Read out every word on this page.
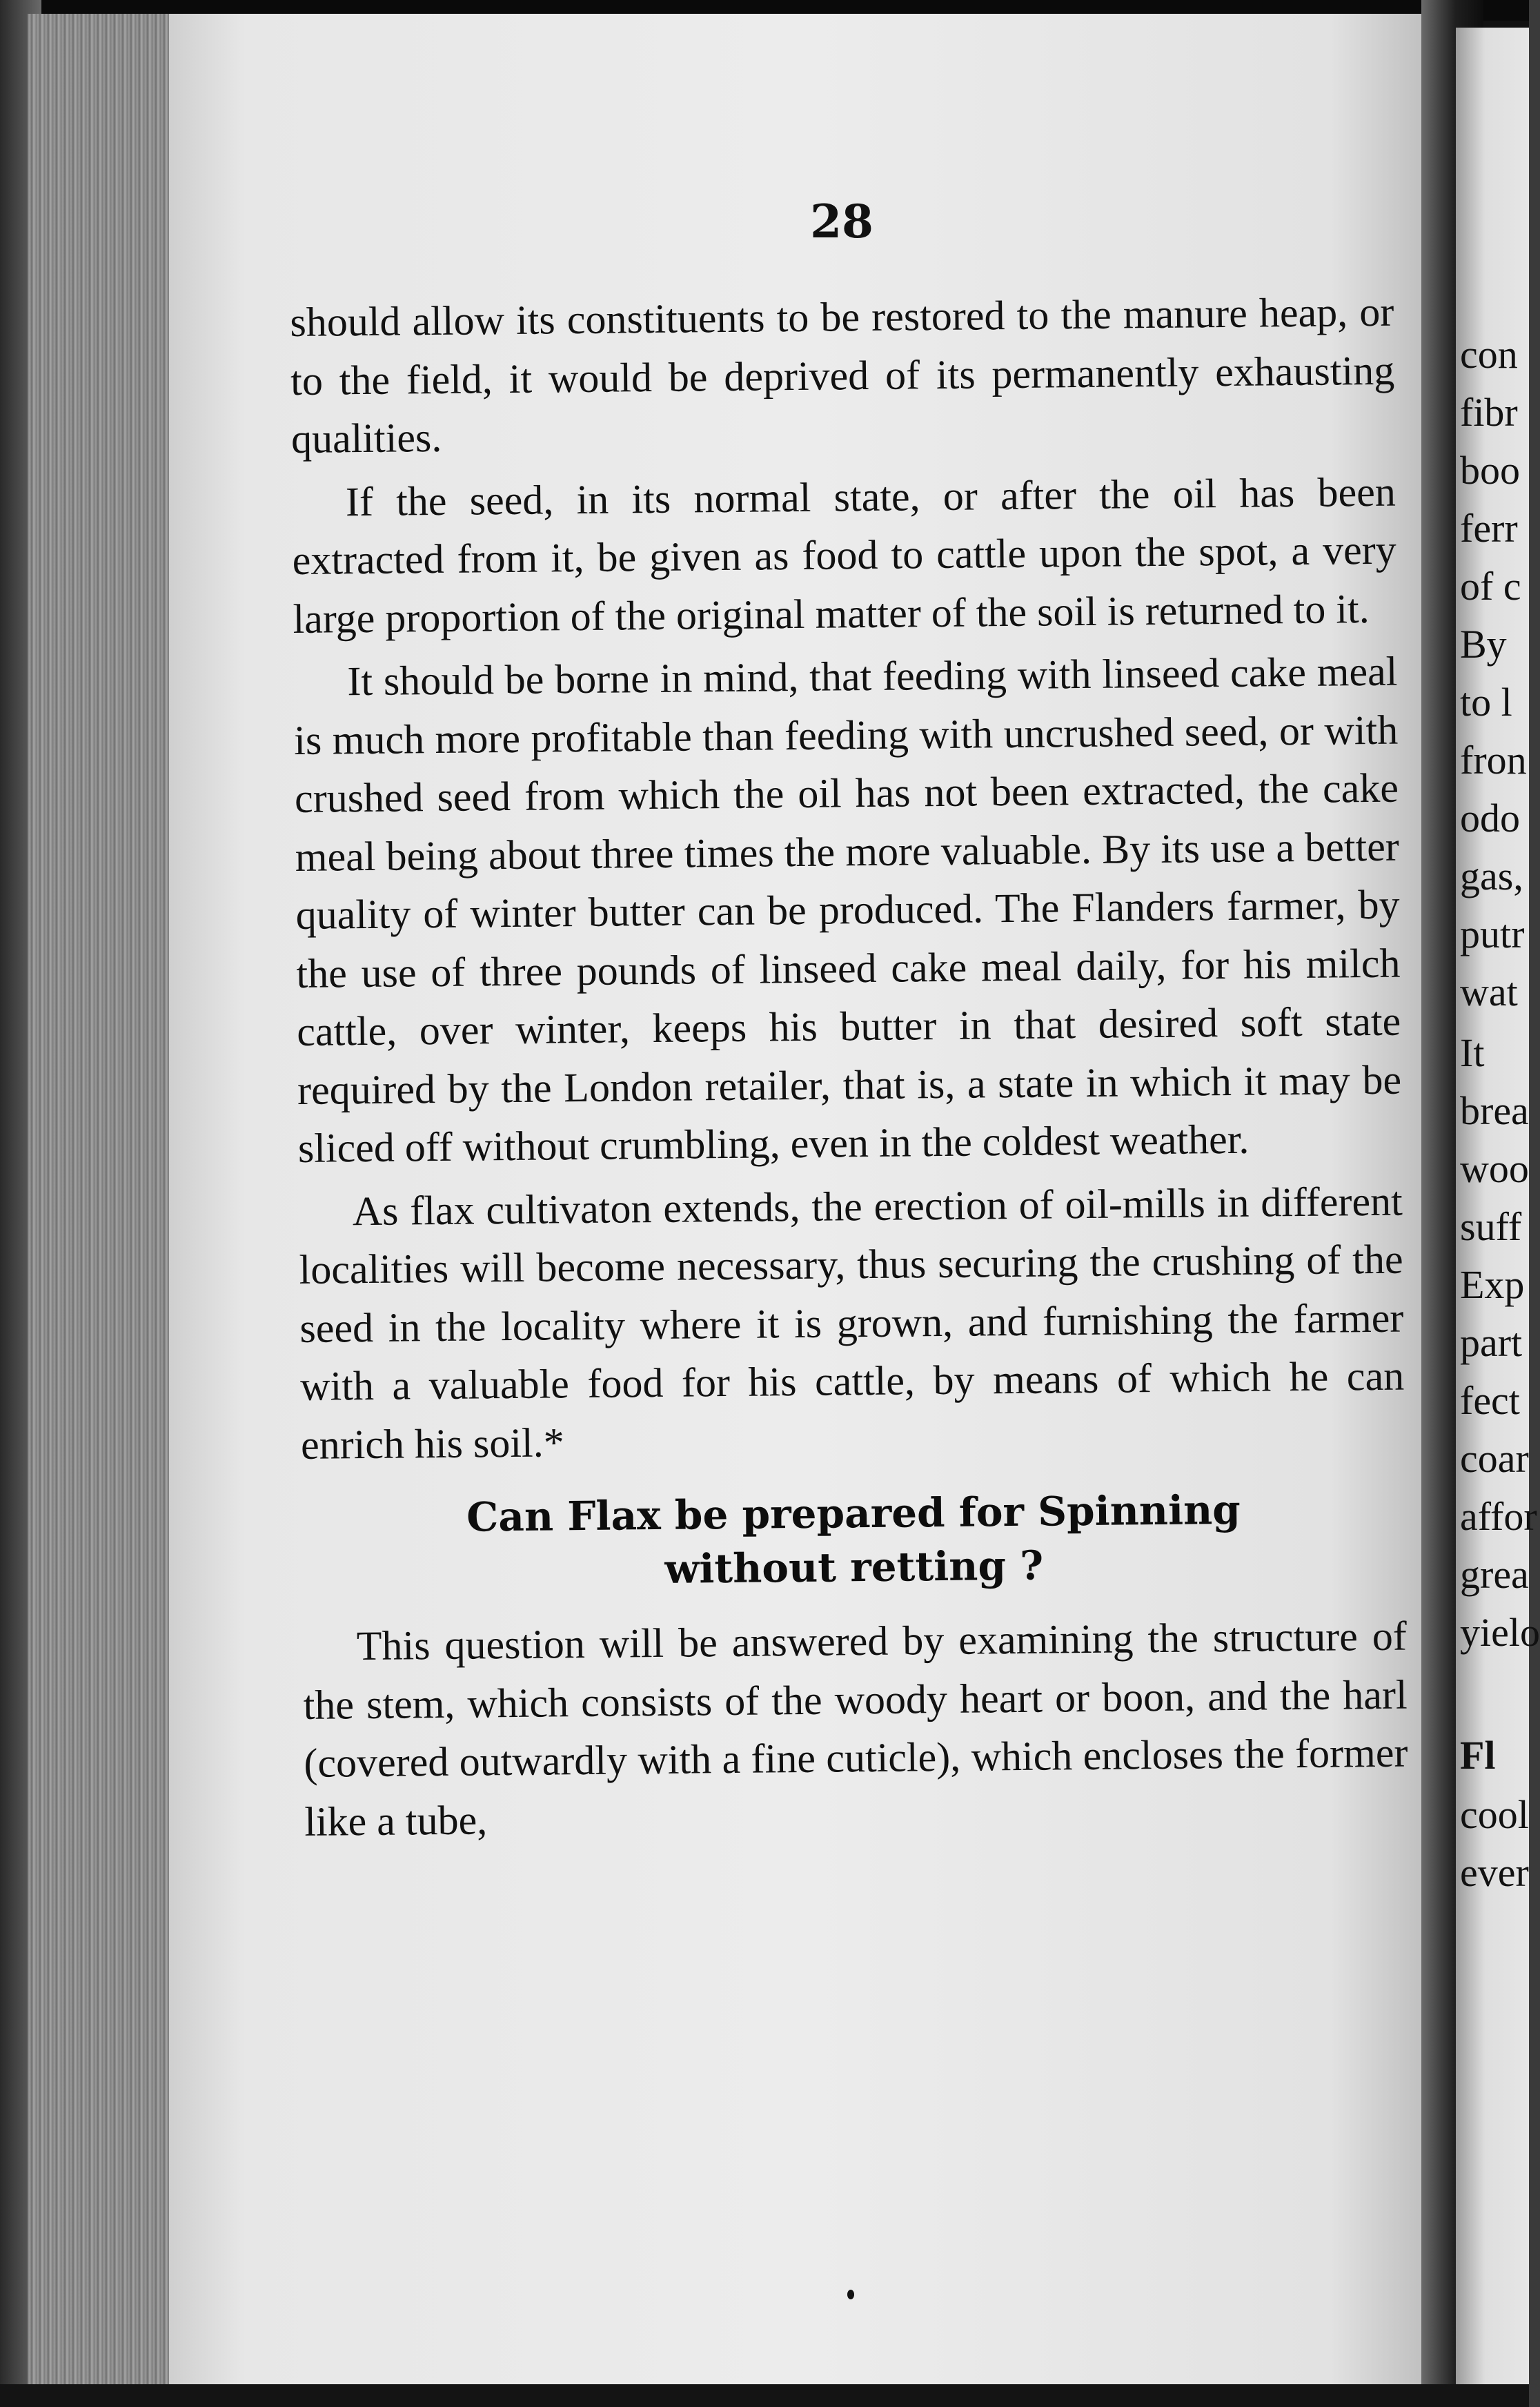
28

should allow its constituents to be restored to the manure heap, or to the field, it would be deprived of its permanently exhausting qualities.

If the seed, in its normal state, or after the oil has been extracted from it, be given as food to cattle upon the spot, a very large proportion of the original matter of the soil is returned to it.

It should be borne in mind, that feeding with linseed cake meal is much more profitable than feeding with uncrushed seed, or with crushed seed from which the oil has not been extracted, the cake meal being about three times the more valuable. By its use a better quality of winter butter can be produced. The Flanders farmer, by the use of three pounds of linseed cake meal daily, for his milch cattle, over winter, keeps his butter in that desired soft state required by the London retailer, that is, a state in which it may be sliced off without crumbling, even in the coldest weather.

As flax cultivaton extends, the erection of oil-mills in different localities will become necessary, thus securing the crushing of the seed in the locality where it is grown, and furnishing the farmer with a valuable food for his cattle, by means of which he can enrich his soil.*

Can Flax be prepared for Spinning
without retting ?

This question will be answered by examining the structure of the stem, which consists of the woody heart or boon, and the harl (covered outwardly with a fine cuticle), which encloses the former like a tube,

con
fibr
boo
ferr
of c
By
to l
fron
odo
gas,
putr
wat
It
brea
woo
suff
Exp
part
fect
coar
affor
grea
yielo
Fl
cool
ever
